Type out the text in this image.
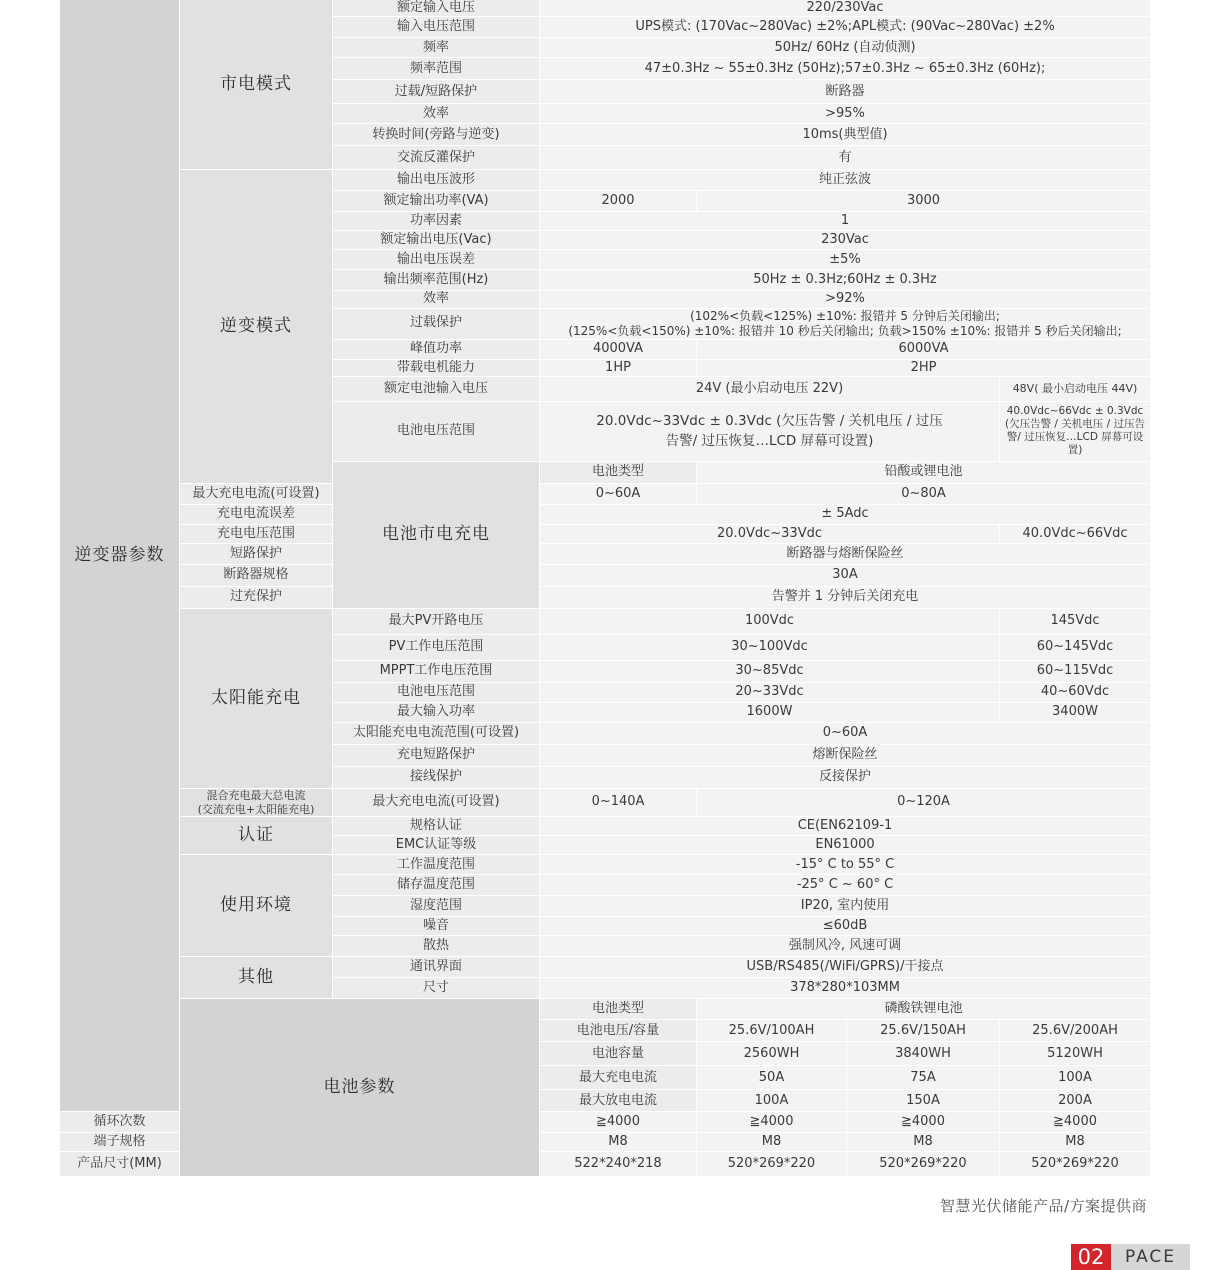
逆变器参数	市电模式	额定输入电压	220/230Vac				
		输入电压范围	UPS模式: (170Vac~280Vac) ±2%;APL模式: (90Vac~280Vac) ±2%				
		频率	50Hz/ 60Hz (自动侦测)				
		频率范围	47±0.3Hz ~ 55±0.3Hz (50Hz);57±0.3Hz ~ 65±0.3Hz (60Hz);				
		过载/短路保护	断路器				
		效率	>95%				
		转换时间(旁路与逆变)	10ms(典型值)				
		交流反灌保护	有				
	逆变模式	输出电压波形	纯正弦波				
		额定输出功率(VA)	2000	3000			
		功率因素	1				
		额定输出电压(Vac)	230Vac				
		输出电压误差	±5%				
		输出频率范围(Hz)	50Hz ± 0.3Hz;60Hz ± 0.3Hz				
		效率	>92%				
		过载保护	(102%<负载<125%) ±10%: 报错并 5 分钟后关闭输出;
(125%<负载<150%) ±10%: 报错并 10 秒后关闭输出; 负载>150% ±10%: 报错并 5 秒后关闭输出;				

		峰值功率	4000VA	6000VA			
		带载电机能力	1HP	2HP			
		额定电池输入电压	24V (最小启动电压 22V)			48V( 最小启动电压 44V)	
		电池电压范围	20.0Vdc~33Vdc ± 0.3Vdc (欠压告警 / 关机电压 / 过压告警/ 过压恢复…LCD 屏幕可设置)			40.0Vdc~66Vdc ± 0.3Vdc (欠压告警 / 关机电压 / 过压告警/ 过压恢复…LCD 屏幕可设置)	
		电池市电充电	电池类型	铅酸或锂电池			
	最大充电电流(可设置)		0~60A	0~80A			
	充电电流误差		± 5Adc				
	充电电压范围		20.0Vdc~33Vdc			40.0Vdc~66Vdc	
	短路保护		断路器与熔断保险丝				
	断路器规格		30A				
	过充保护		告警并 1 分钟后关闭充电				
	太阳能充电	最大PV开路电压	100Vdc			145Vdc	
		PV工作电压范围	30~100Vdc			60~145Vdc	
		MPPT工作电压范围	30~85Vdc			60~115Vdc	
		电池电压范围	20~33Vdc			40~60Vdc	
		最大输入功率	1600W			3400W	
		太阳能充电电流范围(可设置)	0~60A				
		充电短路保护	熔断保险丝				
		接线保护	反接保护				
	混合充电最大总电流
(交流充电+太阳能充电)	最大充电电流(可设置)	0~140A	0~120A			
	认证	规格认证	CE(EN62109-1				
		EMC认证等级	EN61000				
	使用环境	工作温度范围	-15° C to 55° C				
		储存温度范围	-25° C ~ 60° C				
		湿度范围	IP20, 室内使用				
		噪音	≤60dB				
		散热	强制风冷, 风速可调				
	其他	通讯界面	USB/RS485(/WiFi/GPRS)/干接点				
		尺寸	378*280*103MM				
	电池参数		电池类型	磷酸铁锂电池			
			电池电压/容量	25.6V/100AH	25.6V/150AH	25.6V/200AH	
			电池容量	2560WH	3840WH	5120WH	
			最大充电电流	50A	75A	100A	
			最大放电电流	100A	150A	200A	
循环次数			≧4000	≧4000	≧4000	≧4000	
端子规格			M8	M8	M8	M8	
产品尺寸(MM)			522*240*218	520*269*220	520*269*220	520*269*220	
智慧光伏储能产品/方案提供商
02	PACE
